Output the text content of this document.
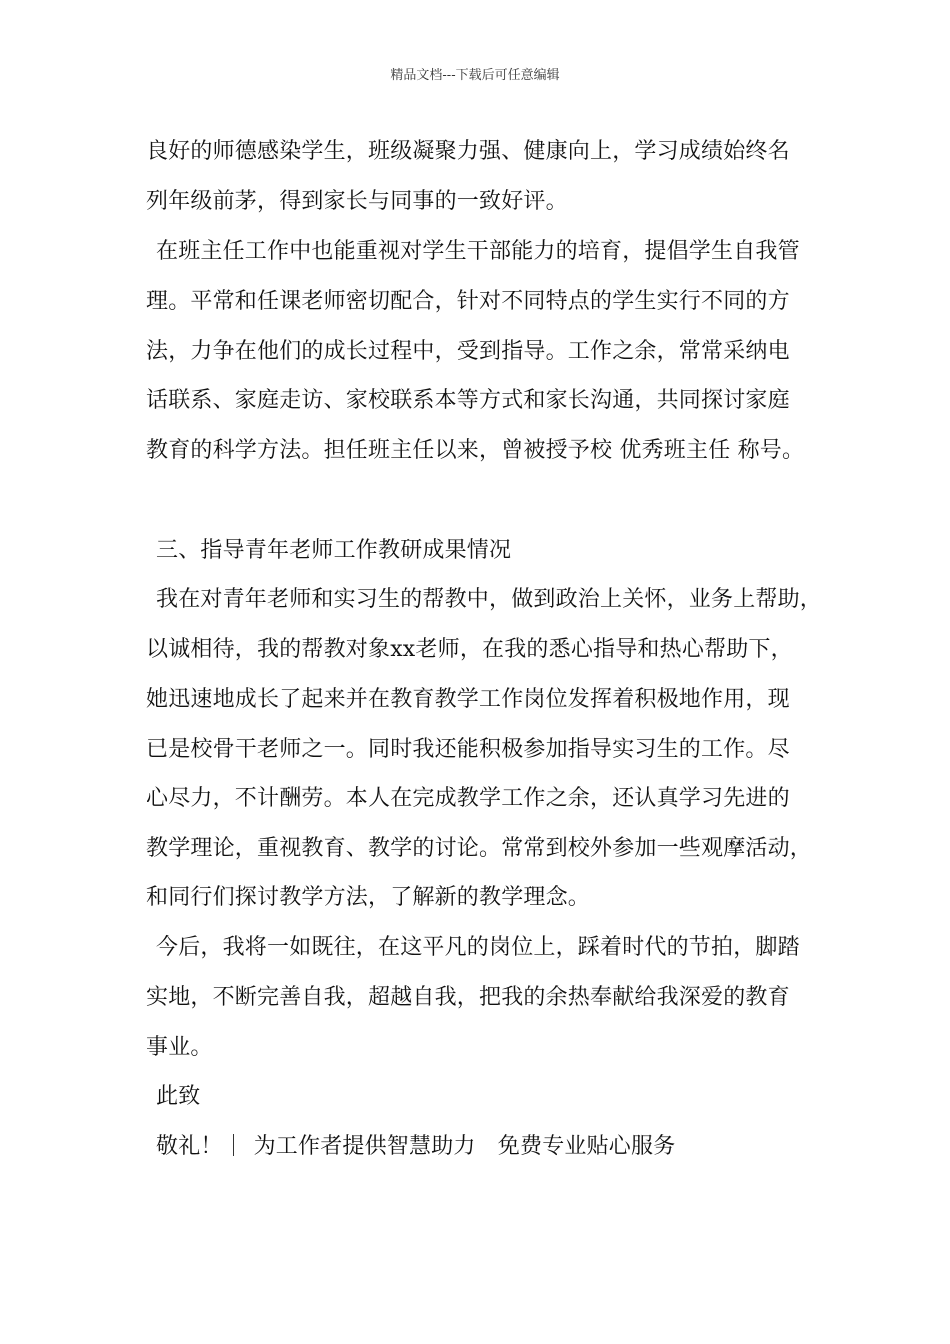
精品文档---下载后可任意编辑
良好的师德感染学生，班级凝聚力强、健康向上，学习成绩始终名
列年级前茅，得到家长与同事的一致好评。
在班主任工作中也能重视对学生干部能力的培育，提倡学生自我管
理。平常和任课老师密切配合，针对不同特点的学生实行不同的方
法，力争在他们的成长过程中，受到指导。工作之余，常常采纳电
话联系、家庭走访、家校联系本等方式和家长沟通，共同探讨家庭
教育的科学方法。担任班主任以来，曾被授予校 优秀班主任 称号。
三、指导青年老师工作教研成果情况
我在对青年老师和实习生的帮教中，做到政治上关怀，业务上帮助，
以诚相待，我的帮教对象xx老师，在我的悉心指导和热心帮助下，
她迅速地成长了起来并在教育教学工作岗位发挥着积极地作用，现
已是校骨干老师之一。同时我还能积极参加指导实习生的工作。尽
心尽力，不计酬劳。本人在完成教学工作之余，还认真学习先进的
教学理论，重视教育、教学的讨论。常常到校外参加一些观摩活动，
和同行们探讨教学方法，了解新的教学理念。
今后，我将一如既往，在这平凡的岗位上，踩着时代的节拍，脚踏
实地，不断完善自我，超越自我，把我的余热奉献给我深爱的教育
事业。
此致
敬礼！ 为工作者提供智慧助力　免费专业贴心服务
